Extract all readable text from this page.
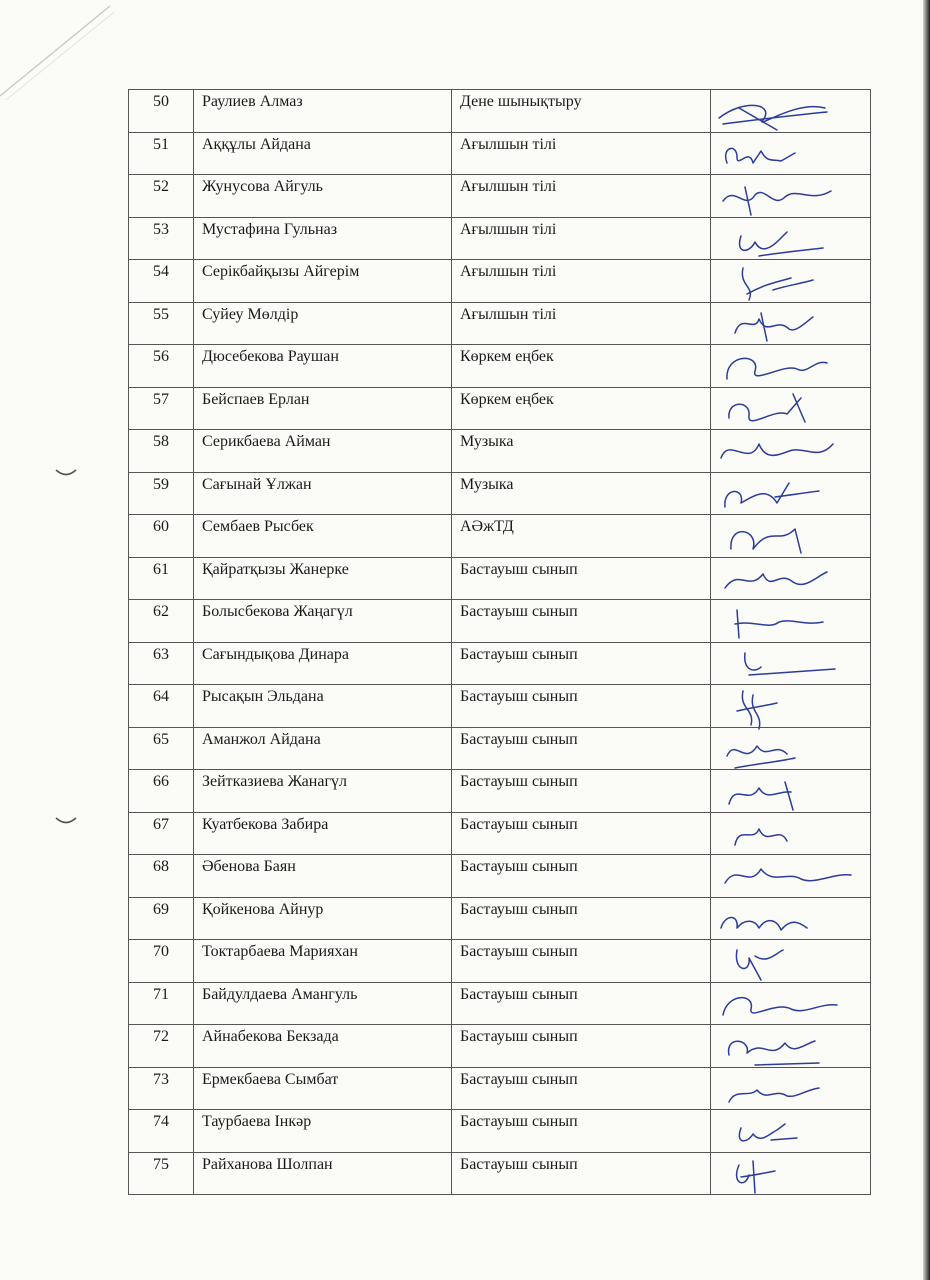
50	Раулиев Алмаз	Дене шынықтыру

51	Аққұлы Айдана	Ағылшын тілі

52	Жунусова Айгуль	Ағылшын тілі

53	Мустафина Гульназ	Ағылшын тілі

54	Серікбайқызы Айгерім	Ағылшын тілі

55	Суйеу Мөлдір	Ағылшын тілі

56	Дюсебекова Раушан	Көркем еңбек

57	Бейспаев Ерлан	Көркем еңбек

58	Серикбаева Айман	Музыка

59	Сағынай Ұлжан	Музыка

60	Сембаев Рысбек	АӘжТД

61	Қайратқызы Жанерке	Бастауыш сынып

62	Болысбекова Жаңагүл	Бастауыш сынып

63	Сағындықова Динара	Бастауыш сынып

64	Рысақын Эльдана	Бастауыш сынып

65	Аманжол Айдана	Бастауыш сынып

66	Зейтказиева Жанагүл	Бастауыш сынып

67	Куатбекова Забира	Бастауыш сынып

68	Әбенова Баян	Бастауыш сынып

69	Қойкенова Айнур	Бастауыш сынып

70	Токтарбаева Марияхан	Бастауыш сынып

71	Байдулдаева Амангуль	Бастауыш сынып

72	Айнабекова Бекзада	Бастауыш сынып

73	Ермекбаева Сымбат	Бастауыш сынып

74	Таурбаева Інкәр	Бастауыш сынып

75	Райханова Шолпан	Бастауыш сынып
